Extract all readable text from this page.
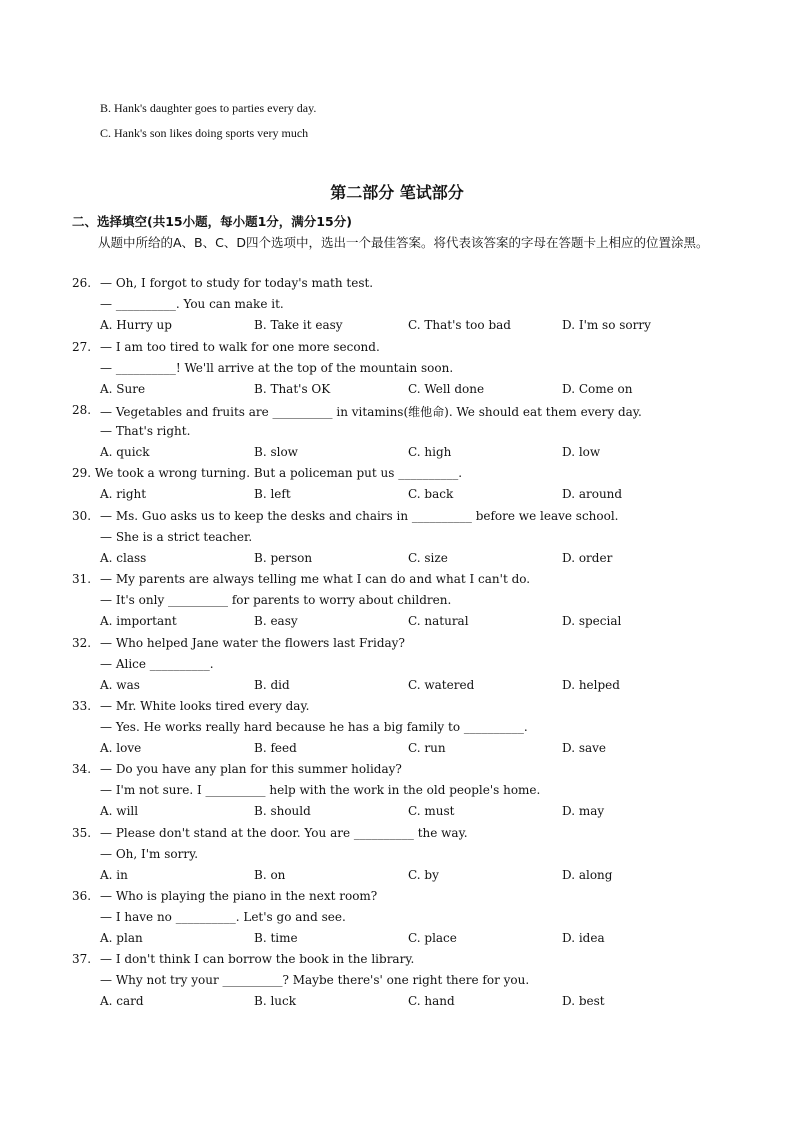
B. Hank's daughter goes to parties every day.
C. Hank's son likes doing sports very much
第二部分 笔试部分
二、选择填空(共15小题，每小题1分，满分15分)
从题中所给的A、B、C、D四个选项中，选出一个最佳答案。将代表该答案的字母在答题卡上相应的位置涂黑。
26. — Oh, I forgot to study for today's math test.
— __________. You can make it.
A. Hurry up	B. Take it easy	C. That's too bad	D. I'm so sorry
27. — I am too tired to walk for one more second.
— __________! We'll arrive at the top of the mountain soon.
A. Sure	B. That's OK	C. Well done	D. Come on
28. — Vegetables and fruits are __________ in vitamins(维他命). We should eat them every day.
— That's right.
A. quick	B. slow	C. high	D. low
29. We took a wrong turning. But a policeman put us __________.
A. right	B. left	C. back	D. around
30. — Ms. Guo asks us to keep the desks and chairs in __________ before we leave school.
— She is a strict teacher.
A. class	B. person	C. size	D. order
31. — My parents are always telling me what I can do and what I can't do.
— It's only __________ for parents to worry about children.
A. important	B. easy	C. natural	D. special
32. — Who helped Jane water the flowers last Friday?
— Alice __________.
A. was	B. did	C. watered	D. helped
33. — Mr. White looks tired every day.
— Yes. He works really hard because he has a big family to __________.
A. love	B. feed	C. run	D. save
34. — Do you have any plan for this summer holiday?
— I'm not sure. I __________ help with the work in the old people's home.
A. will	B. should	C. must	D. may
35. — Please don't stand at the door. You are __________ the way.
— Oh, I'm sorry.
A. in	B. on	C. by	D. along
36. — Who is playing the piano in the next room?
— I have no __________. Let's go and see.
A. plan	B. time	C. place	D. idea
37. — I don't think I can borrow the book in the library.
— Why not try your __________? Maybe there's' one right there for you.
A. card	B. luck	C. hand	D. best
